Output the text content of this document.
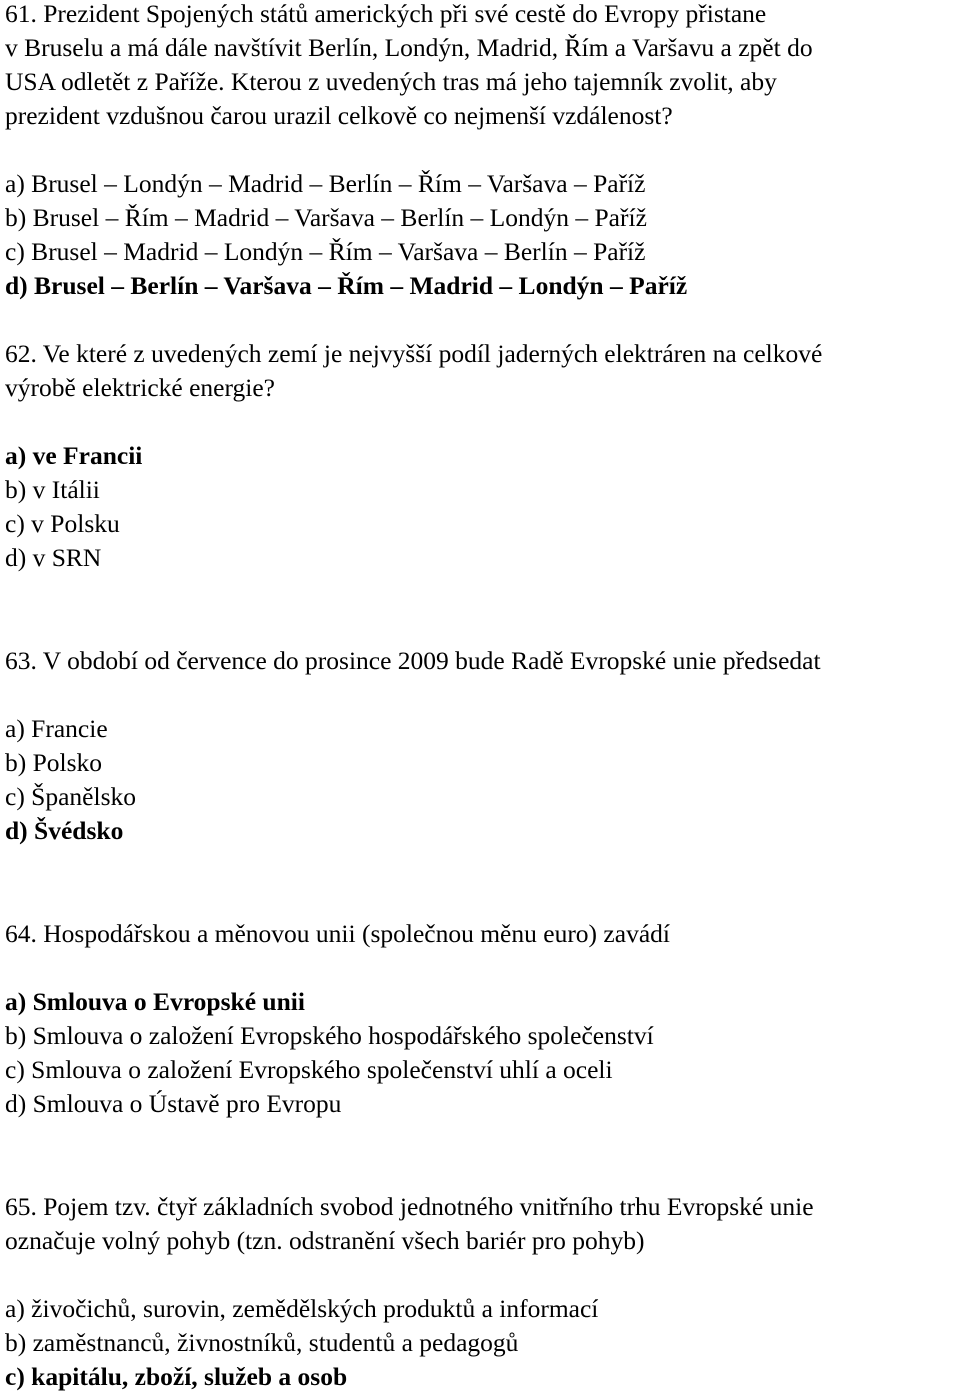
61. Prezident Spojených států amerických při své cestě do Evropy přistane
v Bruselu a má dále navštívit Berlín, Londýn, Madrid, Řím a Varšavu a zpět do
USA odletět z Paříže. Kterou z uvedených tras má jeho tajemník zvolit, aby
prezident vzdušnou čarou urazil celkově co nejmenší vzdálenost?
a) Brusel – Londýn – Madrid – Berlín – Řím – Varšava – Paříž
b) Brusel – Řím – Madrid – Varšava – Berlín – Londýn – Paříž
c) Brusel – Madrid – Londýn – Řím – Varšava – Berlín – Paříž
d) Brusel – Berlín – Varšava – Řím – Madrid – Londýn – Paříž
62. Ve které z uvedených zemí je nejvyšší podíl jaderných elektráren na celkové
výrobě elektrické energie?
a) ve Francii
b) v Itálii
c) v Polsku
d) v SRN
63. V období od července do prosince 2009 bude Radě Evropské unie předsedat
a) Francie
b) Polsko
c) Španělsko
d) Švédsko
64. Hospodářskou a měnovou unii (společnou měnu euro) zavádí
a) Smlouva o Evropské unii
b) Smlouva o založení Evropského hospodářského společenství
c) Smlouva o založení Evropského společenství uhlí a oceli
d) Smlouva o Ústavě pro Evropu
65. Pojem tzv. čtyř základních svobod jednotného vnitřního trhu Evropské unie
označuje volný pohyb (tzn. odstranění všech bariér pro pohyb)
a) živočichů, surovin, zemědělských produktů a informací
b) zaměstnanců, živnostníků, studentů a pedagogů
c) kapitálu, zboží, služeb a osob
